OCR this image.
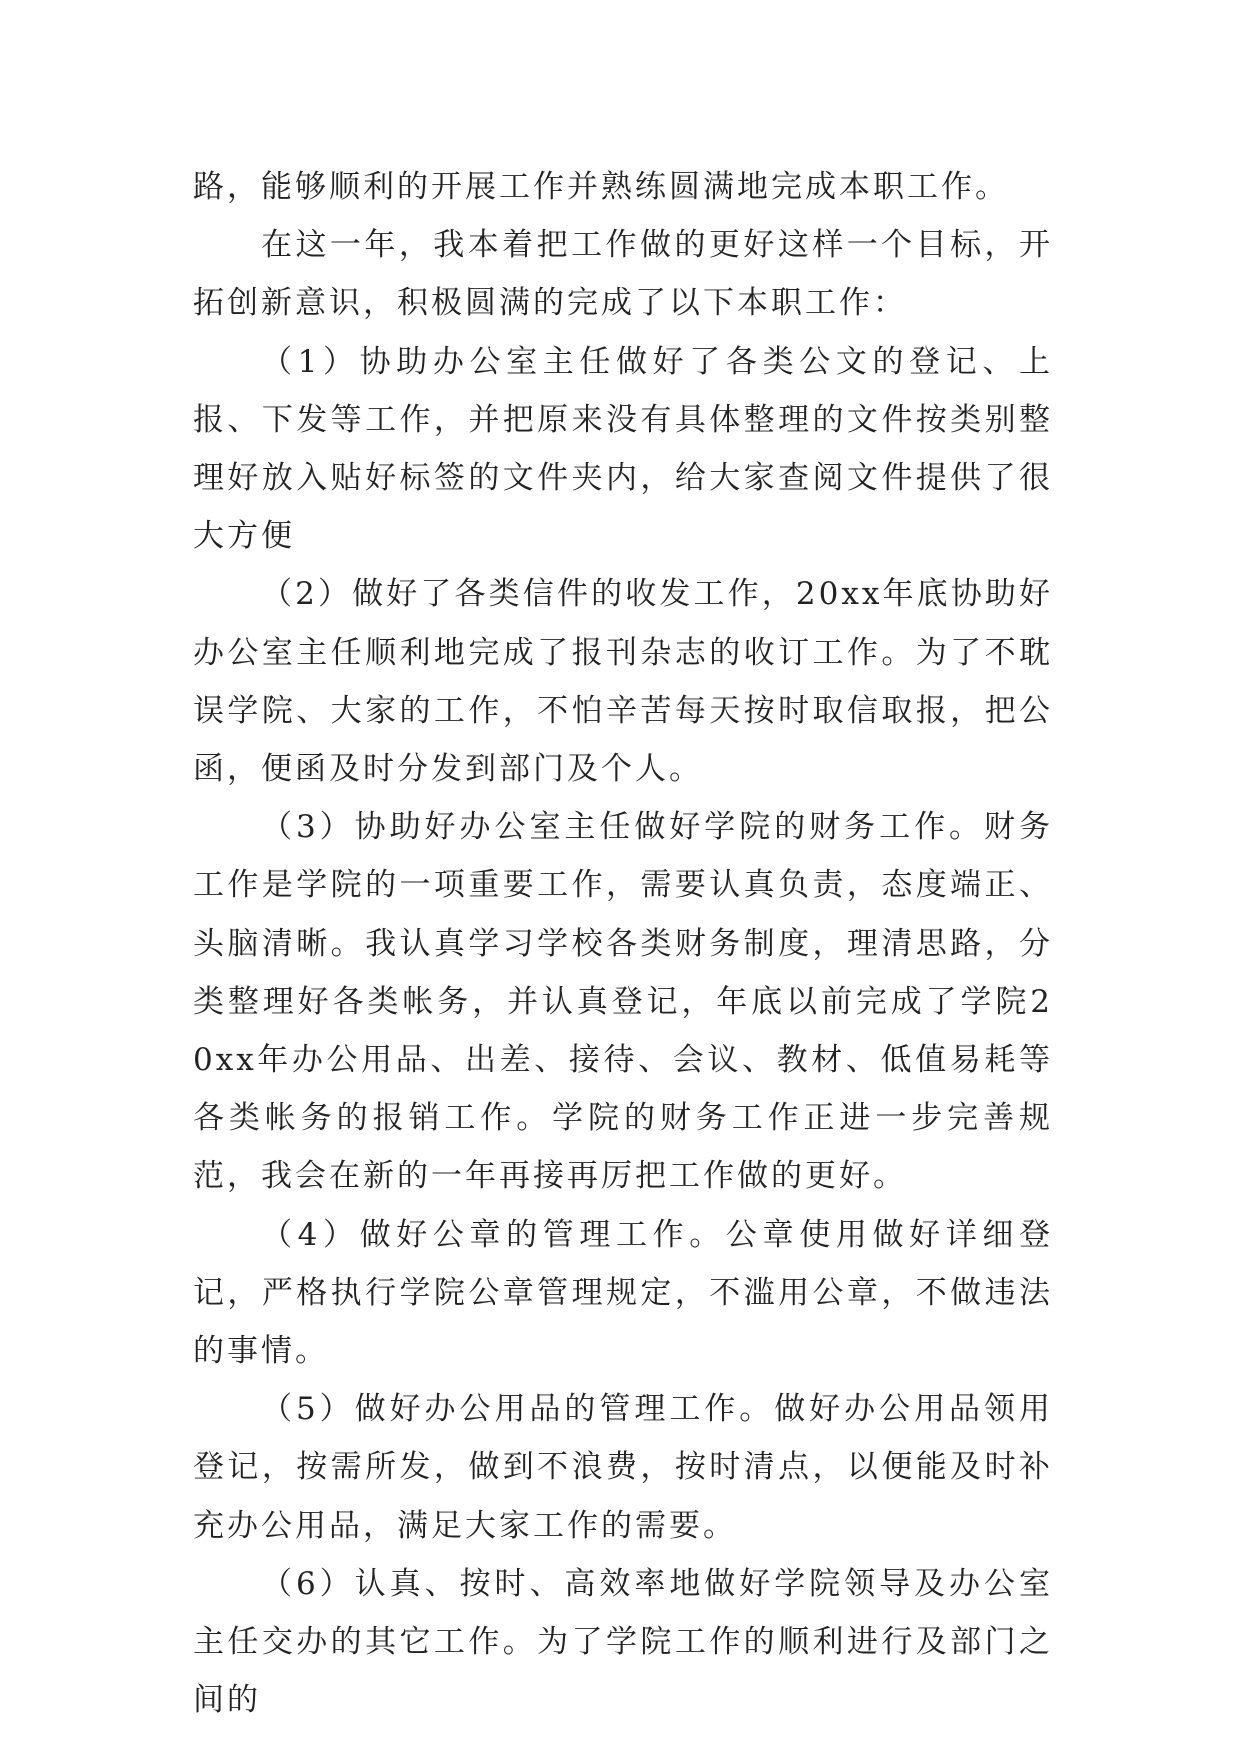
路，能够顺利的开展工作并熟练圆满地完成本职工作。

在这一年，我本着把工作做的更好这样一个目标，开拓创新意识，积极圆满的完成了以下本职工作：

（1）协助办公室主任做好了各类公文的登记、上报、下发等工作，并把原来没有具体整理的文件按类别整理好放入贴好标签的文件夹内，给大家查阅文件提供了很大方便

（2）做好了各类信件的收发工作，20xx年底协助好办公室主任顺利地完成了报刊杂志的收订工作。为了不耽误学院、大家的工作，不怕辛苦每天按时取信取报，把公函，便函及时分发到部门及个人。

（3）协助好办公室主任做好学院的财务工作。财务工作是学院的一项重要工作，需要认真负责，态度端正、头脑清晰。我认真学习学校各类财务制度，理清思路，分类整理好各类帐务，并认真登记，年底以前完成了学院20xx年办公用品、出差、接待、会议、教材、低值易耗等各类帐务的报销工作。学院的财务工作正进一步完善规范，我会在新的一年再接再厉把工作做的更好。

（4）做好公章的管理工作。公章使用做好详细登记，严格执行学院公章管理规定，不滥用公章，不做违法的事情。

（5）做好办公用品的管理工作。做好办公用品领用登记，按需所发，做到不浪费，按时清点，以便能及时补充办公用品，满足大家工作的需要。

（6）认真、按时、高效率地做好学院领导及办公室主任交办的其它工作。为了学院工作的顺利进行及部门之间的
